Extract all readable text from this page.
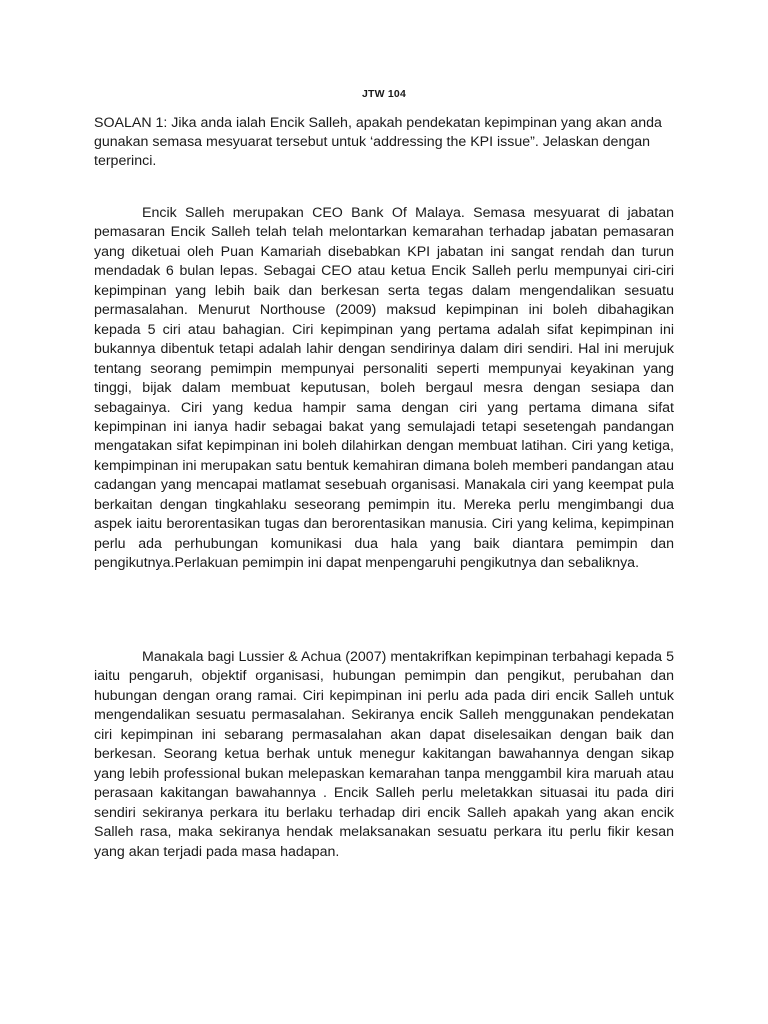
JTW 104

SOALAN 1: Jika anda ialah Encik Salleh, apakah pendekatan kepimpinan yang akan anda gunakan semasa mesyuarat tersebut untuk ‘addressing the KPI issue”. Jelaskan dengan terperinci.

Encik Salleh merupakan CEO Bank Of Malaya. Semasa mesyuarat di jabatan pemasaran Encik Salleh telah telah melontarkan kemarahan terhadap jabatan pemasaran yang diketuai oleh Puan Kamariah disebabkan KPI jabatan ini sangat rendah dan turun mendadak 6 bulan lepas. Sebagai CEO atau ketua Encik Salleh perlu mempunyai ciri-ciri kepimpinan yang lebih baik dan berkesan serta tegas dalam mengendalikan sesuatu permasalahan. Menurut Northouse (2009) maksud kepimpinan ini boleh dibahagikan kepada 5 ciri atau bahagian. Ciri kepimpinan yang pertama adalah sifat kepimpinan ini bukannya dibentuk tetapi adalah lahir dengan sendirinya dalam diri sendiri. Hal ini merujuk tentang seorang pemimpin mempunyai personaliti seperti mempunyai keyakinan yang tinggi, bijak dalam membuat keputusan, boleh bergaul mesra dengan sesiapa dan sebagainya. Ciri yang kedua hampir sama dengan ciri yang pertama dimana sifat kepimpinan ini ianya hadir sebagai bakat yang semulajadi tetapi sesetengah pandangan mengatakan sifat kepimpinan ini boleh dilahirkan dengan membuat latihan. Ciri yang ketiga, kempimpinan ini merupakan satu bentuk kemahiran dimana boleh memberi pandangan atau cadangan yang mencapai matlamat sesebuah organisasi. Manakala ciri yang keempat pula berkaitan dengan tingkahlaku seseorang pemimpin itu. Mereka perlu mengimbangi dua aspek iaitu berorentasikan tugas dan berorentasikan manusia. Ciri yang kelima, kepimpinan perlu ada perhubungan komunikasi dua hala yang baik diantara pemimpin dan pengikutnya.Perlakuan pemimpin ini dapat menpengaruhi pengikutnya dan sebaliknya.

Manakala bagi Lussier & Achua (2007) mentakrifkan kepimpinan terbahagi kepada 5 iaitu pengaruh, objektif organisasi, hubungan pemimpin dan pengikut, perubahan dan hubungan dengan orang ramai. Ciri kepimpinan ini perlu ada pada diri encik Salleh untuk mengendalikan sesuatu permasalahan. Sekiranya encik Salleh menggunakan pendekatan ciri kepimpinan ini sebarang permasalahan akan dapat diselesaikan dengan baik dan berkesan. Seorang ketua berhak untuk menegur kakitangan bawahannya dengan sikap yang lebih professional bukan melepaskan kemarahan tanpa menggambil kira maruah atau perasaan kakitangan bawahannya . Encik Salleh perlu meletakkan situasai itu pada diri sendiri sekiranya perkara itu berlaku terhadap diri encik Salleh apakah yang akan encik Salleh rasa, maka sekiranya hendak melaksanakan sesuatu perkara itu perlu fikir kesan yang akan terjadi pada masa hadapan.
